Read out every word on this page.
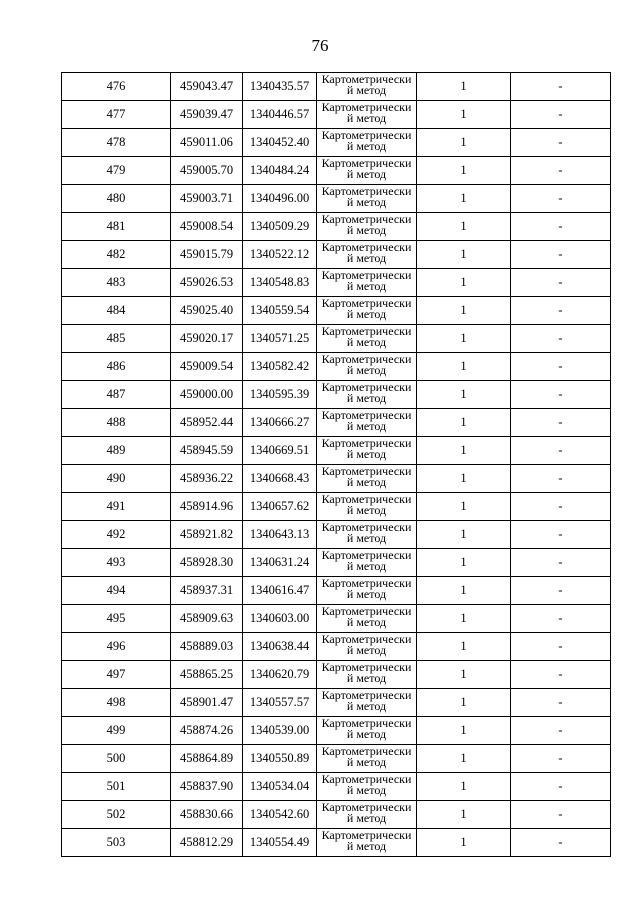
76
476	459043.47	1340435.57	Картометрически
й метод	1	-
477	459039.47	1340446.57	Картометрически
й метод	1	-
478	459011.06	1340452.40	Картометрически
й метод	1	-
479	459005.70	1340484.24	Картометрически
й метод	1	-
480	459003.71	1340496.00	Картометрически
й метод	1	-
481	459008.54	1340509.29	Картометрически
й метод	1	-
482	459015.79	1340522.12	Картометрически
й метод	1	-
483	459026.53	1340548.83	Картометрически
й метод	1	-
484	459025.40	1340559.54	Картометрически
й метод	1	-
485	459020.17	1340571.25	Картометрически
й метод	1	-
486	459009.54	1340582.42	Картометрически
й метод	1	-
487	459000.00	1340595.39	Картометрически
й метод	1	-
488	458952.44	1340666.27	Картометрически
й метод	1	-
489	458945.59	1340669.51	Картометрически
й метод	1	-
490	458936.22	1340668.43	Картометрически
й метод	1	-
491	458914.96	1340657.62	Картометрически
й метод	1	-
492	458921.82	1340643.13	Картометрически
й метод	1	-
493	458928.30	1340631.24	Картометрически
й метод	1	-
494	458937.31	1340616.47	Картометрически
й метод	1	-
495	458909.63	1340603.00	Картометрически
й метод	1	-
496	458889.03	1340638.44	Картометрически
й метод	1	-
497	458865.25	1340620.79	Картометрически
й метод	1	-
498	458901.47	1340557.57	Картометрически
й метод	1	-
499	458874.26	1340539.00	Картометрически
й метод	1	-
500	458864.89	1340550.89	Картометрически
й метод	1	-
501	458837.90	1340534.04	Картометрически
й метод	1	-
502	458830.66	1340542.60	Картометрически
й метод	1	-
503	458812.29	1340554.49	Картометрически
й метод	1	-
